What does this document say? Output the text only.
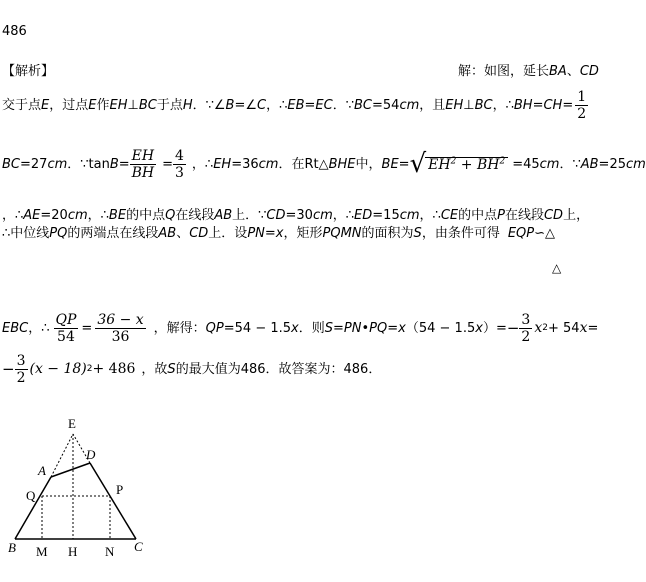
486
【解析】	解：如图，延长BA、CD
交于点 E ，过点 E 作 EH ⊥ BC 于点 H ．∵∠ B =∠ C ，∴ EB = EC ．∵ BC =54 cm ，且 EH ⊥ BC ，∴ BH = CH = $\frac{1}{2}$
BC =27 cm ．∵tan $B = \frac{EH}{BH} = \frac{4}{3}$ ，∴ EH =36 cm ．在Rt△ BHE 中， BE = √ $EH^2 + BH^2 =45$ cm ．∵ AB =25 cm
，∴AE=20cm，∴BE的中点Q在线段AB上．∵CD=30cm，∴ED=15cm，∴CE的中点P在线段CD上，
∴中位线PQ的两端点在线段AB、CD上．设PN=x，矩形PQMN的面积为S，由条件可得 EQP∽△
△
EBC ，∴ $\frac{QP}{54} = \frac{36 - x}{36}$ ，解得： QP =54 − 1.5 x ．则 S = PN • PQ = x （54 − 1.5 x ）= − $\frac{3}{2}$ x 2 + 54 x =
− $\frac{3}{2} (x - 18) 2 + 486$ ，故 S 的最大值为486．故答案为：486．
E
D
A
Q	P
B M H N C
